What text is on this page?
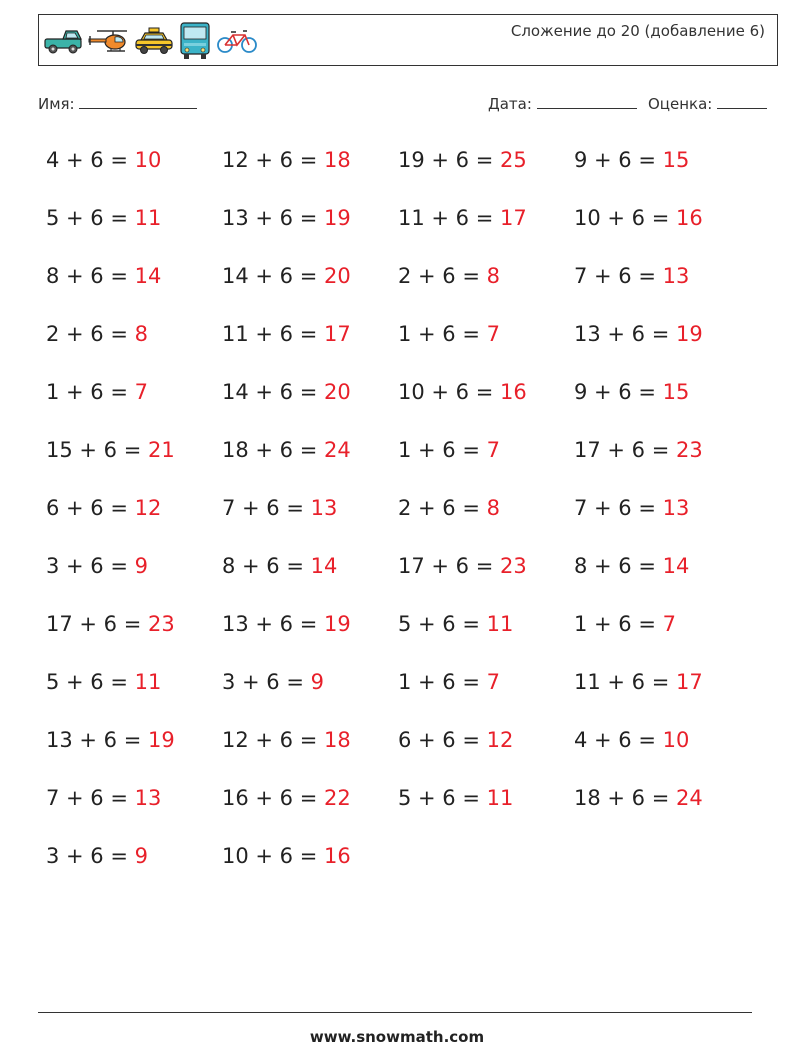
Сложение до 20 (добавление 6)
Имя:	Дата:	Оценка:
4 + 6 = 10
5 + 6 = 11
8 + 6 = 14
2 + 6 = 8
1 + 6 = 7
15 + 6 = 21
6 + 6 = 12
3 + 6 = 9
17 + 6 = 23
5 + 6 = 11
13 + 6 = 19
7 + 6 = 13
3 + 6 = 9
12 + 6 = 18
13 + 6 = 19
14 + 6 = 20
11 + 6 = 17
14 + 6 = 20
18 + 6 = 24
7 + 6 = 13
8 + 6 = 14
13 + 6 = 19
3 + 6 = 9
12 + 6 = 18
16 + 6 = 22
10 + 6 = 16
19 + 6 = 25
11 + 6 = 17
2 + 6 = 8
1 + 6 = 7
10 + 6 = 16
1 + 6 = 7
2 + 6 = 8
17 + 6 = 23
5 + 6 = 11
1 + 6 = 7
6 + 6 = 12
5 + 6 = 11
9 + 6 = 15
10 + 6 = 16
7 + 6 = 13
13 + 6 = 19
9 + 6 = 15
17 + 6 = 23
7 + 6 = 13
8 + 6 = 14
1 + 6 = 7
11 + 6 = 17
4 + 6 = 10
18 + 6 = 24
www.snowmath.com
